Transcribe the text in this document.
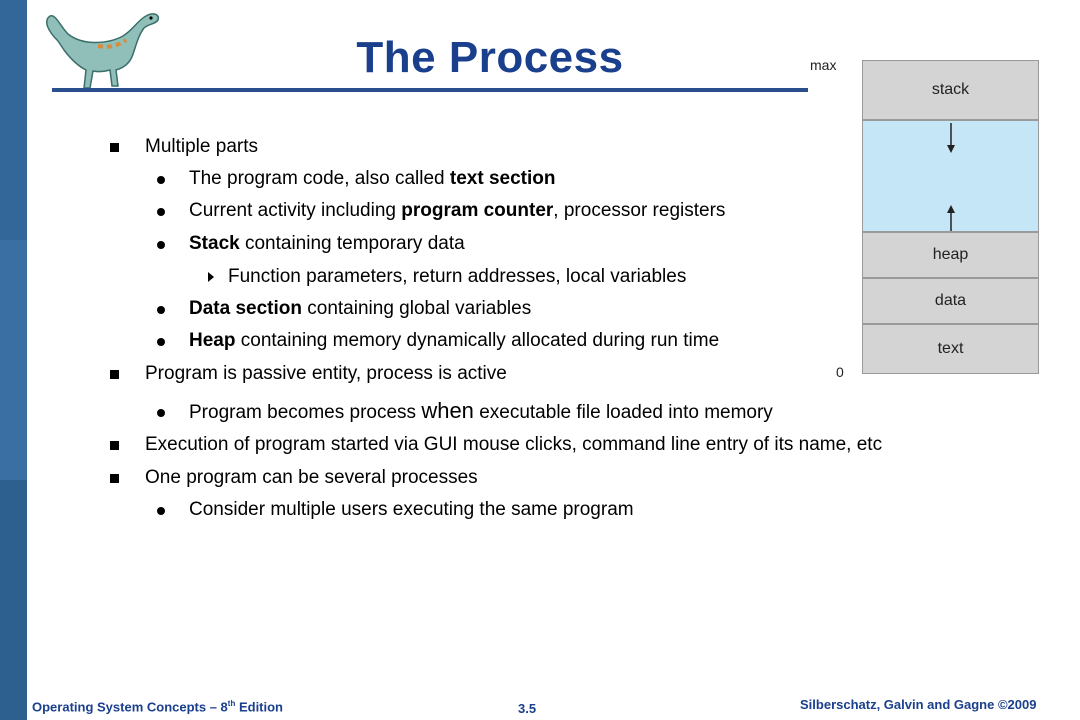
The Process
Multiple parts
The program code, also called text section
Current activity including program counter, processor registers
Stack containing temporary data
Function parameters, return addresses, local variables
Data section containing global variables
Heap containing memory dynamically allocated during run time
Program is passive entity, process is active
Program becomes process when executable file loaded into memory
Execution of program started via GUI mouse clicks, command line entry of its name, etc
One program can be several processes
Consider multiple users executing the same program
max
0
stack
heap
data
text
Operating System Concepts – 8th Edition	3.5	Silberschatz, Galvin and Gagne ©2009
